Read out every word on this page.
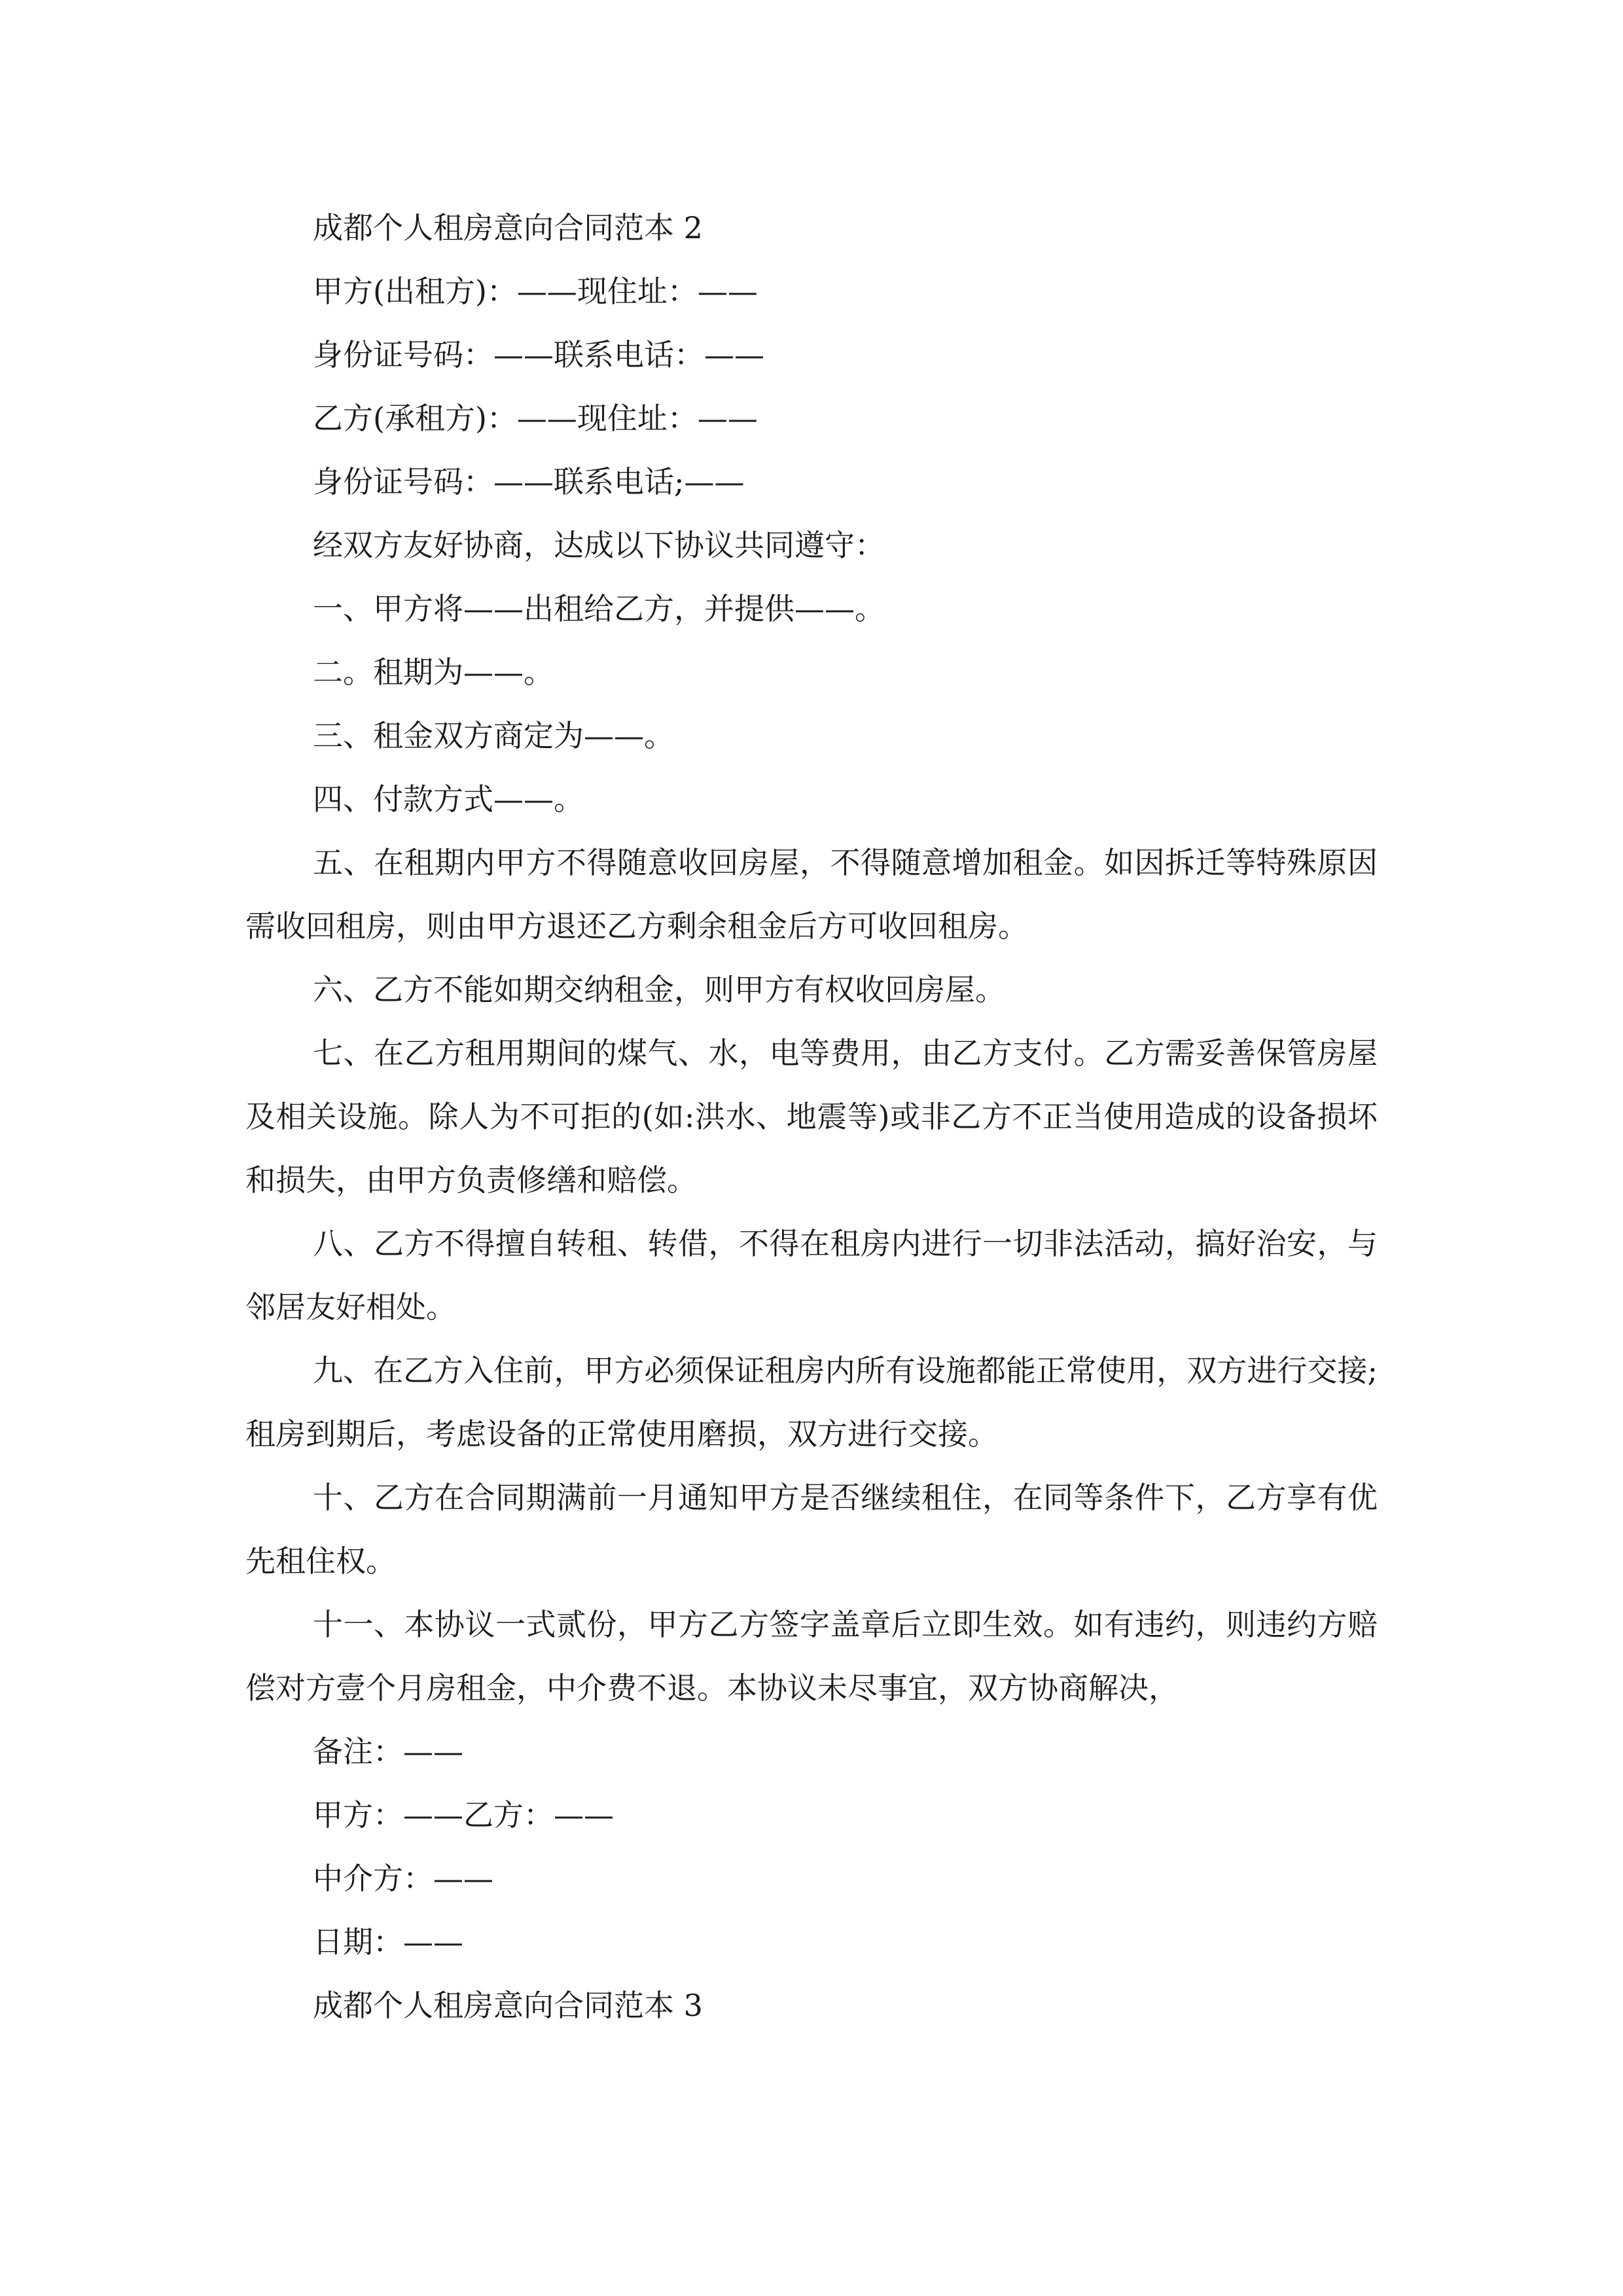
成都个人租房意向合同范本 2

甲方(出租方)：——现住址：——

身份证号码：——联系电话：——

乙方(承租方)：——现住址：——

身份证号码：——联系电话;——

经双方友好协商，达成以下协议共同遵守：

一、甲方将——出租给乙方，并提供——。

二。租期为——。

三、租金双方商定为——。

四、付款方式——。

五、在租期内甲方不得随意收回房屋，不得随意增加租金。如因拆迁等特殊原因需收回租房，则由甲方退还乙方剩余租金后方可收回租房。

六、乙方不能如期交纳租金，则甲方有权收回房屋。

七、在乙方租用期间的煤气、水，电等费用，由乙方支付。乙方需妥善保管房屋及相关设施。除人为不可拒的(如:洪水、地震等)或非乙方不正当使用造成的设备损坏和损失，由甲方负责修缮和赔偿。

八、乙方不得擅自转租、转借，不得在租房内进行一切非法活动，搞好治安，与邻居友好相处。

九、在乙方入住前，甲方必须保证租房内所有设施都能正常使用，双方进行交接;租房到期后，考虑设备的正常使用磨损，双方进行交接。

十、乙方在合同期满前一月通知甲方是否继续租住，在同等条件下，乙方享有优先租住权。

十一、本协议一式贰份，甲方乙方签字盖章后立即生效。如有违约，则违约方赔偿对方壹个月房租金，中介费不退。本协议未尽事宜，双方协商解决，

备注：——

甲方：——乙方：——

中介方：——

日期：——

成都个人租房意向合同范本 3
